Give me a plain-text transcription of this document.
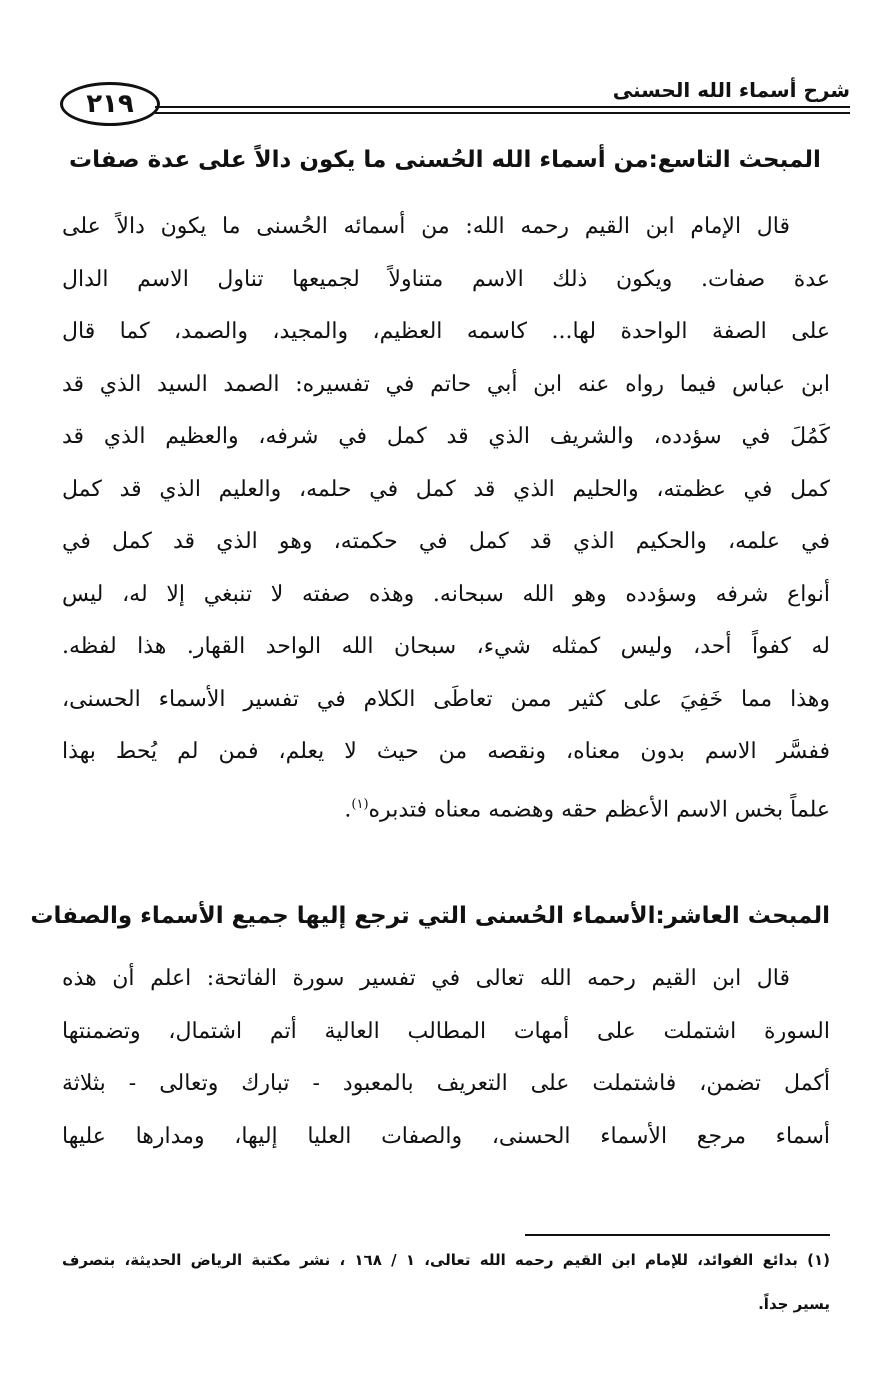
شرح أسماء الله الحسنى
٢١٩
المبحث التاسع:من أسماء الله الحُسنى ما يكون دالاً على عدة صفات
قال الإمام ابن القيم رحمه الله: من أسمائه الحُسنى ما يكون دالاً على
عدة صفات. ويكون ذلك الاسم متناولاً لجميعها تناول الاسم الدال
على الصفة الواحدة لها... كاسمه العظيم، والمجيد، والصمد، كما قال
ابن عباس فيما رواه عنه ابن أبي حاتم في تفسيره: الصمد السيد الذي قد
كَمُلَ في سؤدده، والشريف الذي قد كمل في شرفه، والعظيم الذي قد
كمل في عظمته، والحليم الذي قد كمل في حلمه، والعليم الذي قد كمل
في علمه، والحكيم الذي قد كمل في حكمته، وهو الذي قد كمل في
أنواع شرفه وسؤدده وهو الله سبحانه. وهذه صفته لا تنبغي إلا له، ليس
له كفواً أحد، وليس كمثله شيء، سبحان الله الواحد القهار. هذا لفظه.
وهذا مما خَفِيَ على كثير ممن تعاطَى الكلام في تفسير الأسماء الحسنى،
ففسَّر الاسم بدون معناه، ونقصه من حيث لا يعلم، فمن لم يُحط بهذا
علماً بخس الاسم الأعظم حقه وهضمه معناه فتدبره$^{(١)}$.
المبحث العاشر:الأسماء الحُسنى التي ترجع إليها جميع الأسماء والصفات
قال ابن القيم رحمه الله تعالى في تفسير سورة الفاتحة: اعلم أن هذه
السورة اشتملت على أمهات المطالب العالية أتم اشتمال، وتضمنتها
أكمل تضمن، فاشتملت على التعريف بالمعبود - تبارك وتعالى - بثلاثة
أسماء مرجع الأسماء الحسنى، والصفات العليا إليها، ومدارها عليها
(١) بدائع الفوائد، للإمام ابن القيم رحمه الله تعالى، ١ / ١٦٨ ، نشر مكتبة الرياض الحديثة، بتصرف
يسير جداً.
